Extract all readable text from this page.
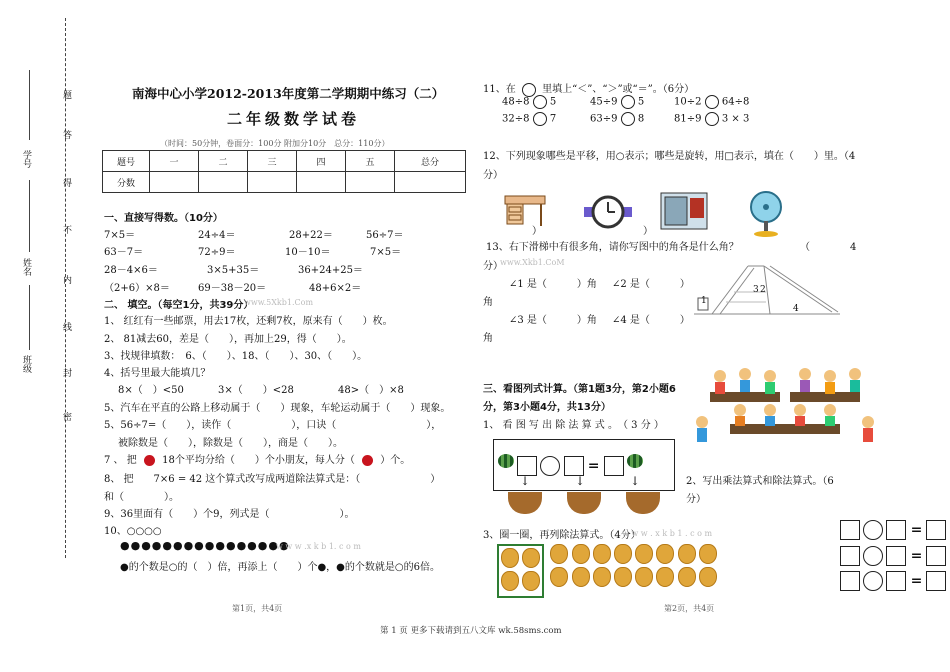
题
答
得
不
内
线
封
密
学号
姓名
班级
南海中心小学2012-2013年度第二学期期中练习（二）
二年级数学试卷
（时间：50分钟，卷面分：100分 附加分10分　总分：110分）
题号	一	二	三	四	五	总分
分数						
一、直接写得数。（10分）
7×5＝	24÷4＝	28+22＝	56÷7＝
63－7＝	72÷9＝	10－10＝	7×5＝
28－4×6＝	3×5+35＝	36+24+25＝
（2+6）×8＝	69－38－20＝	48+6×2＝
二、 填空。（每空1分，共39分）
www.5Xkb1.Com
1、 红红有一些邮票，用去17枚，还剩7枚，原来有（　　）枚。
2、 81减去60，差是（　　），再加上29，得（　　）。
3、找规律填数：　6、（　　）、18、（　　）、30、（　　）。
4、括号里最大能填几？
8×（　）<50	3×（　　）<28	48>（　）×8
5、汽车在平直的公路上移动属于（　　）现象，车轮运动属于（　　）现象。
5、56÷7=（　　），读作（　　　　　　），口诀（　　　　　　　　　），
被除数是（　　），除数是（　　），商是（　　）。
7 、 把	18个平均分给（　　）个小朋友，每人分（	）个。
8、 把　　7×6 = 42 这个算式改写成两道除法算式是：（　　　　　　　）
和（　　　　）。
9、36里面有（　　）个9，列式是（　　　　　　　）。
10、○○○○
●●●●●●●●●●●●●●●●
w w w .x k b 1. c o m
●的个数是○的（　）倍，再添上（　　）个●，●的个数就是○的6倍。
第1页，共4页
11、在	里填上“＜”、“＞”或“＝”。（6分）
48÷8 5	45÷9 5	10÷2 64÷8
32÷8 7	63÷9 8	81÷9 3 × 3
12、下列现象哪些是平移，用○表示；哪些是旋转，用□表示，填在（　　）里。（4
分）
）	）
13、右下滑梯中有很多角，请你写图中的角各是什么角？	（　　　　4
分）
www.Xkb1.CoM
∠1 是（　　　）角 ∠2 是（　　　）
角
∠3 是（　　　）角 ∠4 是（　　　）
角
1
3 2
4
三、看图列式计算。（第1题3分，第2小题6
分，第3小题4分，共13分）
1、 看 图 写 出 除 法 算 式 。　（ 3 分 ）
=

↓	↓	↓	2、写出乘法算式和除法算式。（6
分）
3、圈一圈，再列除法算式。（4分）
w w w . x k b 1 . c o m

	=
=
=
第2页，共4页
第 1 页 更多下载请到五八文库 wk.58sms.com
